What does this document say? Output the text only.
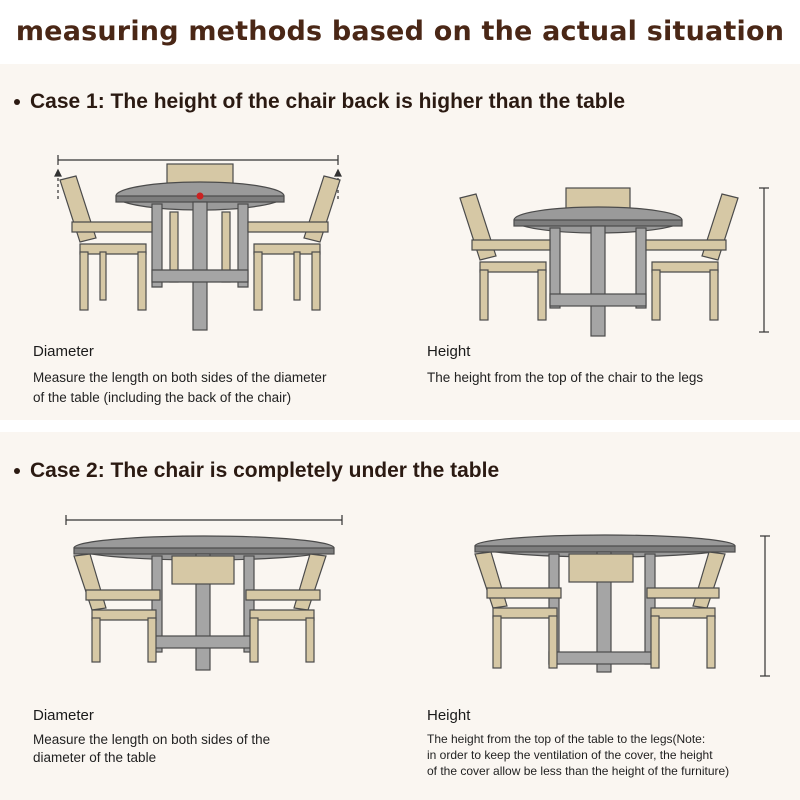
measuring methods based on the actual situation
Case 1: The height of the chair back is higher than the table
Diameter
Measure the length on both sides of the diameter
of the table (including the back of the chair)
Height
The height from the top of the chair to the legs
Case 2: The chair is completely under the table
Diameter
Measure the length on both sides of the
diameter of the table
Height
The height from the top of the table to the legs(Note:
in order to keep the ventilation of the cover, the height
of the cover allow be less than the height of the furniture)
